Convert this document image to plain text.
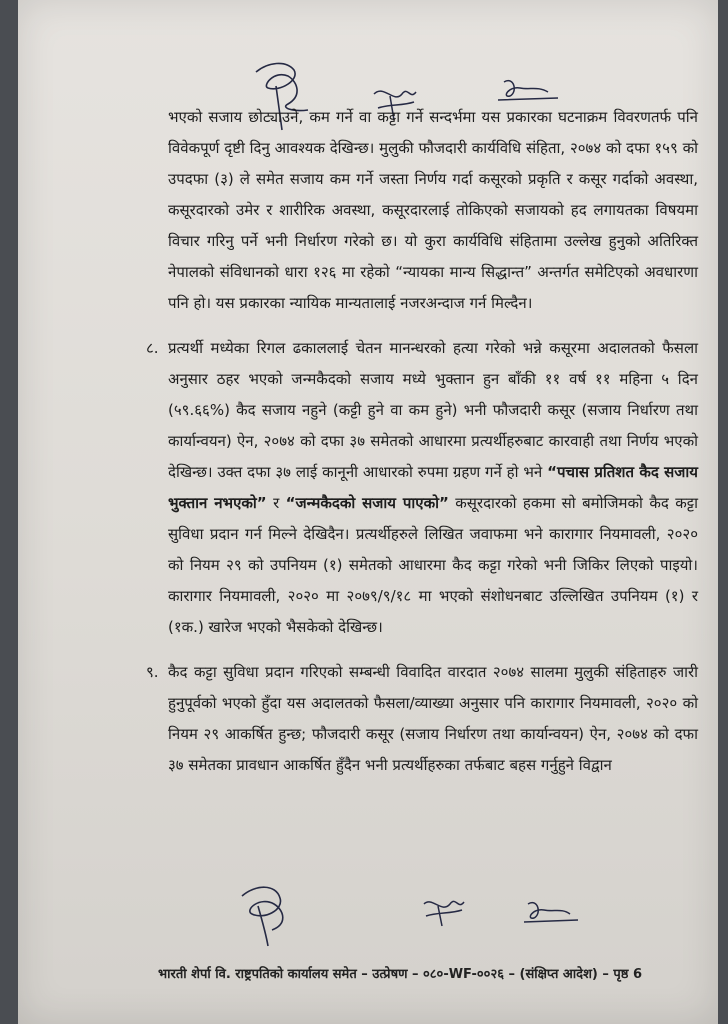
भएको सजाय छोट्याउने, कम गर्ने वा कट्टा गर्ने सन्दर्भमा यस प्रकारका घटनाक्रम विवरणतर्फ पनि विवेकपूर्ण दृष्टी दिनु आवश्यक देखिन्छ। मुलुकी फौजदारी कार्यविधि संहिता, २०७४ को दफा १५९ को उपदफा (३) ले समेत सजाय कम गर्ने जस्ता निर्णय गर्दा कसूरको प्रकृति र कसूर गर्दाको अवस्था, कसूरदारको उमेर र शारीरिक अवस्था, कसूरदारलाई तोकिएको सजायको हद लगायतका विषयमा विचार गरिनु पर्ने भनी निर्धारण गरेको छ। यो कुरा कार्यविधि संहितामा उल्लेख हुनुको अतिरिक्त नेपालको संविधानको धारा १२६ मा रहेको “न्यायका मान्य सिद्धान्त” अन्तर्गत समेटिएको अवधारणा पनि हो। यस प्रकारका न्यायिक मान्यतालाई नजरअन्दाज गर्न मिल्दैन।

८. प्रत्यर्थी मध्येका रिगल ढकाललाई चेतन मानन्धरको हत्या गरेको भन्ने कसूरमा अदालतको फैसला अनुसार ठहर भएको जन्मकैदको सजाय मध्ये भुक्तान हुन बाँकी ११ वर्ष ११ महिना ५ दिन (५९.६६%) कैद सजाय नहुने (कट्टी हुने वा कम हुने) भनी फौजदारी कसूर (सजाय निर्धारण तथा कार्यान्वयन) ऐन, २०७४ को दफा ३७ समेतको आधारमा प्रत्यर्थीहरुबाट कारवाही तथा निर्णय भएको देखिन्छ। उक्त दफा ३७ लाई कानूनी आधारको रुपमा ग्रहण गर्ने हो भने “पचास प्रतिशत कैद सजाय भुक्तान नभएको” र “जन्मकैदको सजाय पाएको” कसूरदारको हकमा सो बमोजिमको कैद कट्टा सुविधा प्रदान गर्न मिल्ने देखिदैन। प्रत्यर्थीहरुले लिखित जवाफमा भने कारागार नियमावली, २०२० को नियम २९ को उपनियम (१) समेतको आधारमा कैद कट्टा गरेको भनी जिकिर लिएको पाइयो। कारागार नियमावली, २०२० मा २०७९/९/१८ मा भएको संशोधनबाट उल्लिखित उपनियम (१) र (१क.) खारेज भएको भैसकेको देखिन्छ।

९. कैद कट्टा सुविधा प्रदान गरिएको सम्बन्धी विवादित वारदात २०७४ सालमा मुलुकी संहिताहरु जारी हुनुपूर्वको भएको हुँदा यस अदालतको फैसला/व्याख्या अनुसार पनि कारागार नियमावली, २०२० को नियम २९ आकर्षित हुन्छ; फौजदारी कसूर (सजाय निर्धारण तथा कार्यान्वयन) ऐन, २०७४ को दफा ३७ समेतका प्रावधान आकर्षित हुँदैन भनी प्रत्यर्थीहरुका तर्फबाट बहस गर्नुहुने विद्वान

भारती शेर्पा वि. राष्ट्रपतिको कार्यालय समेत – उत्प्रेषण – ०८०-WF-००२६ – (संक्षिप्त आदेश) – पृष्ठ 6
